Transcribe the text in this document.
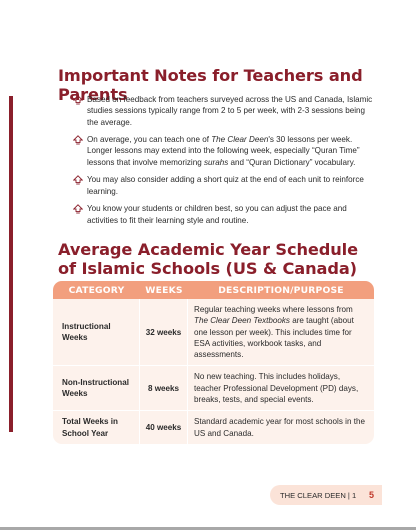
Important Notes for Teachers and Parents
Based on feedback from teachers surveyed across the US and Canada, Islamic studies sessions typically range from 2 to 5 per week, with 2-3 sessions being the average.
On average, you can teach one of The Clear Deen's 30 lessons per week. Longer lessons may extend into the following week, especially “Quran Time” lessons that involve memorizing surahs and “Quran Dictionary” vocabulary.
You may also consider adding a short quiz at the end of each unit to reinforce learning.
You know your students or children best, so you can adjust the pace and activities to fit their learning style and routine.
Average Academic Year Schedule of Islamic Schools (US & Canada)
CATEGORY	WEEKS	DESCRIPTION/PURPOSE
Instructional Weeks	32 weeks	Regular teaching weeks where lessons from The Clear Deen Textbooks are taught (about one lesson per week). This includes time for ESA activities, workbook tasks, and assessments.
Non-Instructional Weeks	8 weeks	No new teaching. This includes holidays, teacher Professional Development (PD) days, breaks, tests, and special events.
Total Weeks in School Year	40 weeks	Standard academic year for most schools in the US and Canada.
THE CLEAR DEEN | 1 5
